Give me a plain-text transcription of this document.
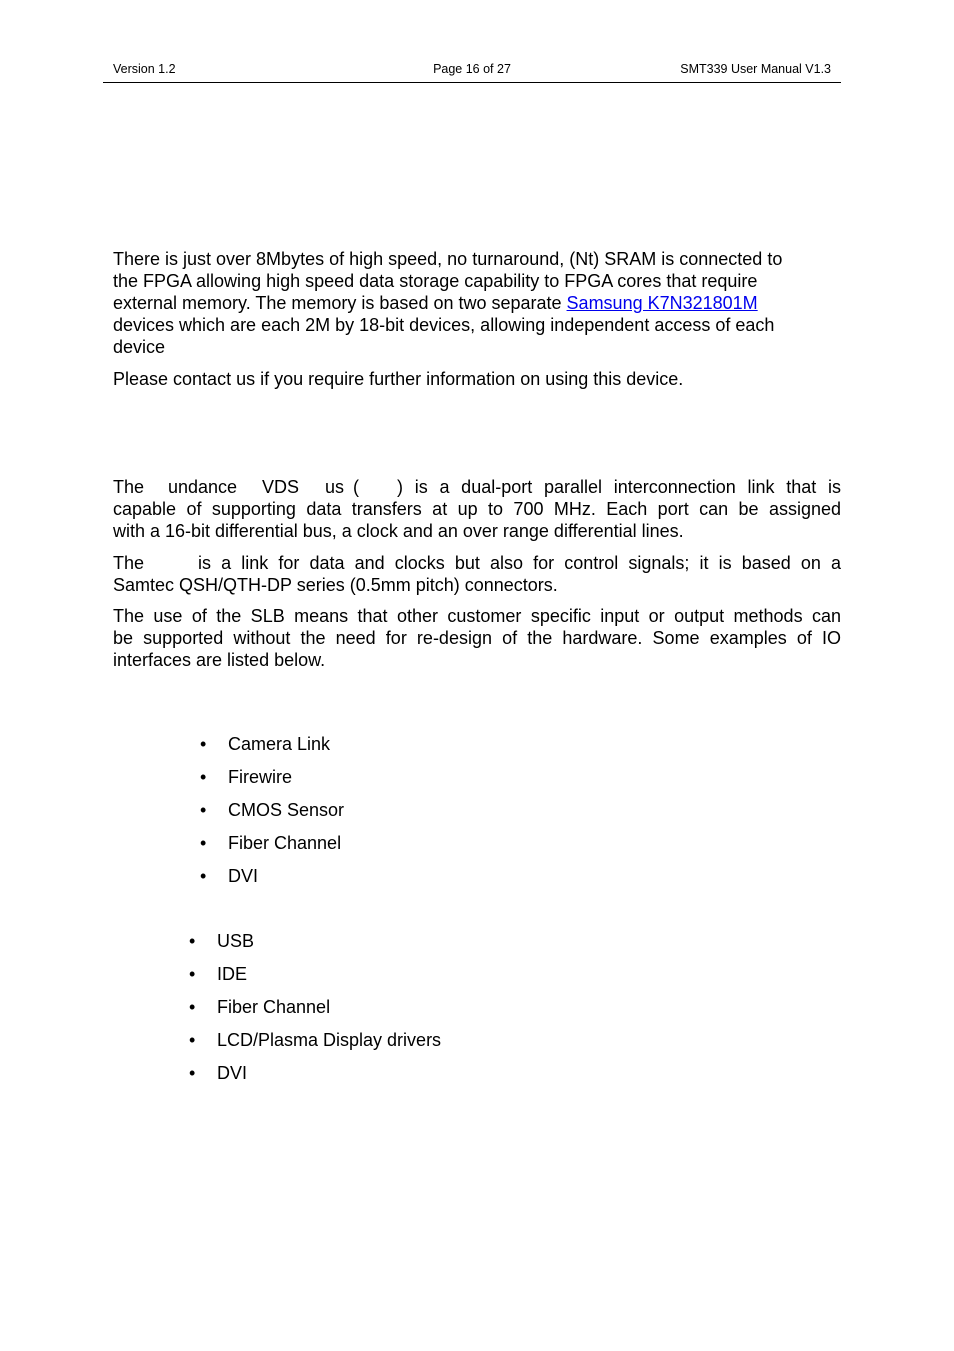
Version 1.2	Page 16 of 27	SMT339 User Manual V1.3

There is just over 8Mbytes of high speed, no turnaround, (Nt) SRAM is connected to
the FPGA allowing high speed data storage capability to FPGA cores that require
external memory. The memory is based on two separate Samsung K7N321801M
devices which are each 2M by 18-bit devices, allowing independent access of each
device

Please contact us if you require further information on using this device.

The undance VDS us ( ) is a dual-port parallel interconnection link that is

capable of supporting data transfers at up to 700 MHz. Each port can be assigned
with a 16-bit differential bus, a clock and an over range differential lines.

The	is a link for data and clocks but also for control signals; it is based on a

Samtec QSH/QTH-DP series (0.5mm pitch) connectors.

The use of the SLB means that other customer specific input or output methods can
be supported without the need for re-design of the hardware. Some examples of IO
interfaces are listed below.

• Camera Link
• Firewire
• CMOS Sensor
• Fiber Channel
• DVI
• USB
• IDE
• Fiber Channel
• LCD/Plasma Display drivers
• DVI
